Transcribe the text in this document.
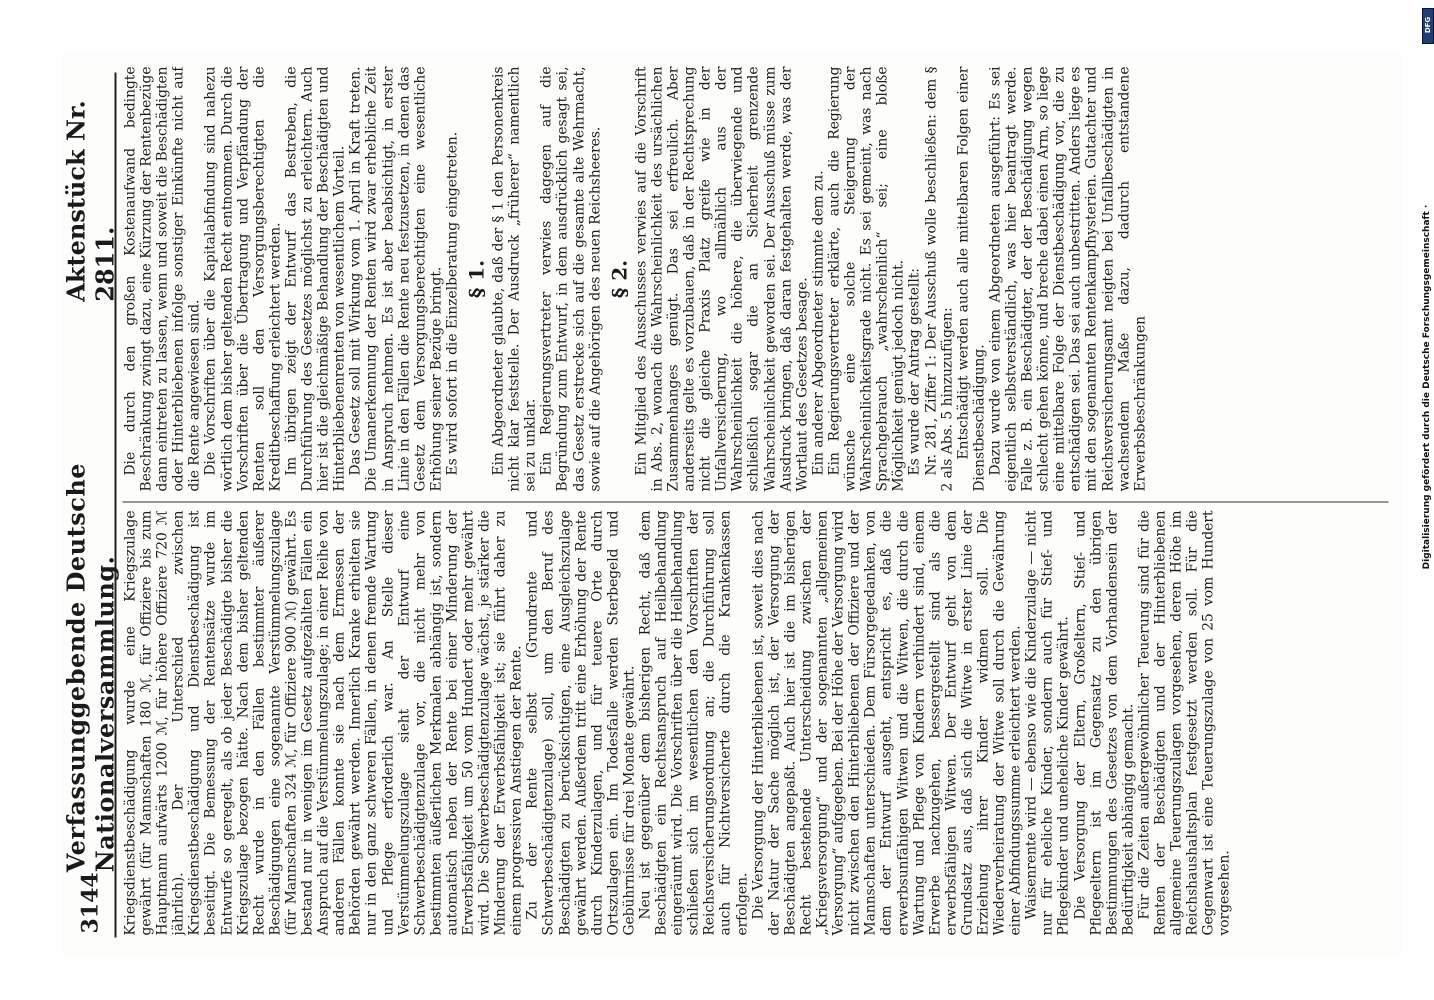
3144
Verfassunggebende Deutsche Nationalversammlung.
Aktenstück Nr. 2811.

Kriegsdienstbeschädigung wurde eine Kriegszulage gewährt (für Mannschaften 180 ℳ, für Offiziere bis zum Hauptmann aufwärts 1200 ℳ, für höhere Offiziere 720 ℳ jährlich). Der Unterschied zwischen Kriegsdienstbeschädigung und Dienstbeschädigung ist beseitigt. Die Bemessung der Rentensätze wurde im Entwurfe so geregelt, als ob jeder Beschädigte bisher die Kriegszulage bezogen hätte. Nach dem bisher geltenden Recht wurde in den Fällen bestimmter äußerer Beschädigungen eine sogenannte Verstümmelungszulage (für Mannschaften 324 ℳ, für Offiziere 900 ℳ) gewährt. Es bestand nur in wenigen im Gesetz aufgezählten Fällen ein Anspruch auf die Verstümmelungszulage; in einer Reihe von anderen Fällen konnte sie nach dem Ermessen der Behörden gewährt werden. Innerlich Kranke erhielten sie nur in den ganz schweren Fällen, in denen fremde Wartung und Pflege erforderlich war. An Stelle dieser Verstümmelungszulage sieht der Entwurf eine Schwerbeschädigtenzulage vor, die nicht mehr von bestimmten äußerlichen Merkmalen abhängig ist, sondern automatisch neben der Rente bei einer Minderung der Erwerbsfähigkeit um 50 vom Hundert oder mehr gewährt wird. Die Schwerbeschädigtenzulage wächst, je stärker die Minderung der Erwerbsfähigkeit ist; sie führt daher zu einem progressiven Anstiegen der Rente. Zu der Rente selbst (Grundrente und Schwerbeschädigtenzulage) soll, um den Beruf des Beschädigten zu berücksichtigen, eine Ausgleichszulage gewährt werden. Außerdem tritt eine Erhöhung der Rente durch Kinderzulagen, und für teuere Orte durch Ortszulagen ein. Im Todesfalle werden Sterbegeld und Gebührnisse für drei Monate gewährt. Neu ist gegenüber dem bisherigen Recht, daß dem Beschädigten ein Rechtsanspruch auf Heilbehandlung eingeräumt wird. Die Vorschriften über die Heilbehandlung schließen sich im wesentlichen den Vorschriften der Reichsversicherungsordnung an; die Durchführung soll auch für Nichtversicherte durch die Krankenkassen erfolgen. Die Versorgung der Hinterbliebenen ist, soweit dies nach der Natur der Sache möglich ist, der Versorgung der Beschädigten angepaßt. Auch hier ist die im bisherigen Recht bestehende Unterscheidung zwischen der „Kriegsversorgung“ und der sogenannten „allgemeinen Versorgung“ aufgegeben. Bei der Höhe der Versorgung wird nicht zwischen den Hinterbliebenen der Offiziere und der Mannschaften unterschieden. Dem Fürsorgegedanken, von dem der Entwurf ausgeht, entspricht es, daß die erwerbsunfähigen Witwen und die Witwen, die durch die Wartung und Pflege von Kindern verhindert sind, einem Erwerbe nachzugehen, bessergestellt sind als die erwerbsfähigen Witwen. Der Entwurf geht von dem Grundsatz aus, daß sich die Witwe in erster Linie der Erziehung ihrer Kinder widmen soll. Die Wiederverheiratung der Witwe soll durch die Gewährung einer Abfindungssumme erleichtert werden. Waisenrente wird — ebenso wie die Kinderzulage — nicht nur für eheliche Kinder, sondern auch für Stief- und Pflegekinder und uneheliche Kinder gewährt. Die Versorgung der Eltern, Großeltern, Stief- und Pflegeeltern ist im Gegensatz zu den übrigen Bestimmungen des Gesetzes von dem Vorhandensein der Bedürftigkeit abhängig gemacht. Für die Zeiten außergewöhnlicher Teuerung sind für die Renten der Beschädigten und der Hinterbliebenen allgemeine Teuerungszulagen vorgesehen, deren Höhe im Reichshaushaltsplan festgesetzt werden soll. Für die Gegenwart ist eine Teuerungszulage von 25 vom Hundert vorgesehen.

Die durch den großen Kostenaufwand bedingte Beschränkung zwingt dazu, eine Kürzung der Rentenbezüge dann eintreten zu lassen, wenn und soweit die Beschädigten oder Hinterbliebenen infolge sonstiger Einkünfte nicht auf die Rente angewiesen sind. Die Vorschriften über die Kapitalabfindung sind nahezu wörtlich dem bisher geltenden Recht entnommen. Durch die Vorschriften über die Übertragung und Verpfändung der Renten soll den Versorgungsberechtigten die Kreditbeschaffung erleichtert werden. Im übrigen zeigt der Entwurf das Bestreben, die Durchführung des Gesetzes möglichst zu erleichtern. Auch hier ist die gleichmäßige Behandlung der Beschädigten und Hinterbliebenenrenten von wesentlichem Vorteil. Das Gesetz soll mit Wirkung vom 1. April in Kraft treten. Die Umanerkennung der Renten wird zwar erhebliche Zeit in Anspruch nehmen. Es ist aber beabsichtigt, in erster Linie in den Fällen die Rente neu festzusetzen, in denen das Gesetz dem Versorgungsberechtigten eine wesentliche Erhöhung seiner Bezüge bringt. Es wird sofort in die Einzelberatung eingetreten. § 1. Ein Abgeordneter glaubte, daß der § 1 den Personenkreis nicht klar feststelle. Der Ausdruck „früherer“ namentlich sei zu unklar. Ein Regierungsvertreter verwies dagegen auf die Begründung zum Entwurf, in dem ausdrücklich gesagt sei, das Gesetz erstrecke sich auf die gesamte alte Wehrmacht, sowie auf die Angehörigen des neuen Reichsheeres. § 2. Ein Mitglied des Ausschusses verwies auf die Vorschrift in Abs. 2, wonach die Wahrscheinlichkeit des ursächlichen Zusammenhanges genügt. Das sei erfreulich. Aber anderseits gelte es vorzubauen, daß in der Rechtsprechung nicht die gleiche Praxis Platz greife wie in der Unfallversicherung, wo allmählich aus der Wahrscheinlichkeit die höhere, die überwiegende und schließlich sogar die an Sicherheit grenzende Wahrscheinlichkeit geworden sei. Der Ausschuß müsse zum Ausdruck bringen, daß daran festgehalten werde, was der Wortlaut des Gesetzes besage. Ein anderer Abgeordneter stimmte dem zu. Ein Regierungsvertreter erklärte, auch die Regierung wünsche eine solche Steigerung der Wahrscheinlichkeitsgrade nicht. Es sei gemeint, was nach Sprachgebrauch „wahrscheinlich“ sei; eine bloße Möglichkeit genügt jedoch nicht. Es wurde der Antrag gestellt: Nr. 281, Ziffer 1: Der Ausschuß wolle beschließen: dem § 2 als Abs. 5 hinzuzufügen: Entschädigt werden auch alle mittelbaren Folgen einer Dienstbeschädigung. Dazu wurde von einem Abgeordneten ausgeführt: Es sei eigentlich selbstverständlich, was hier beantragt werde. Falle z. B. ein Beschädigter, der der Beschädigung wegen schlecht gehen könne, und breche dabei einen Arm, so liege eine mittelbare Folge der Dienstbeschädigung vor, die zu entschädigen sei. Das sei auch unbestritten. Anders liege es mit den sogenannten Rentenkampfhysterien. Gutachter und Reichsversicherungsamt neigten bei Unfallbeschädigten in wachsendem Maße dazu, dadurch entstandene Erwerbsbeschränkungen

DFG
Digitalisierung gefördert durch die Deutsche Forschungsgemeinschaft ·
